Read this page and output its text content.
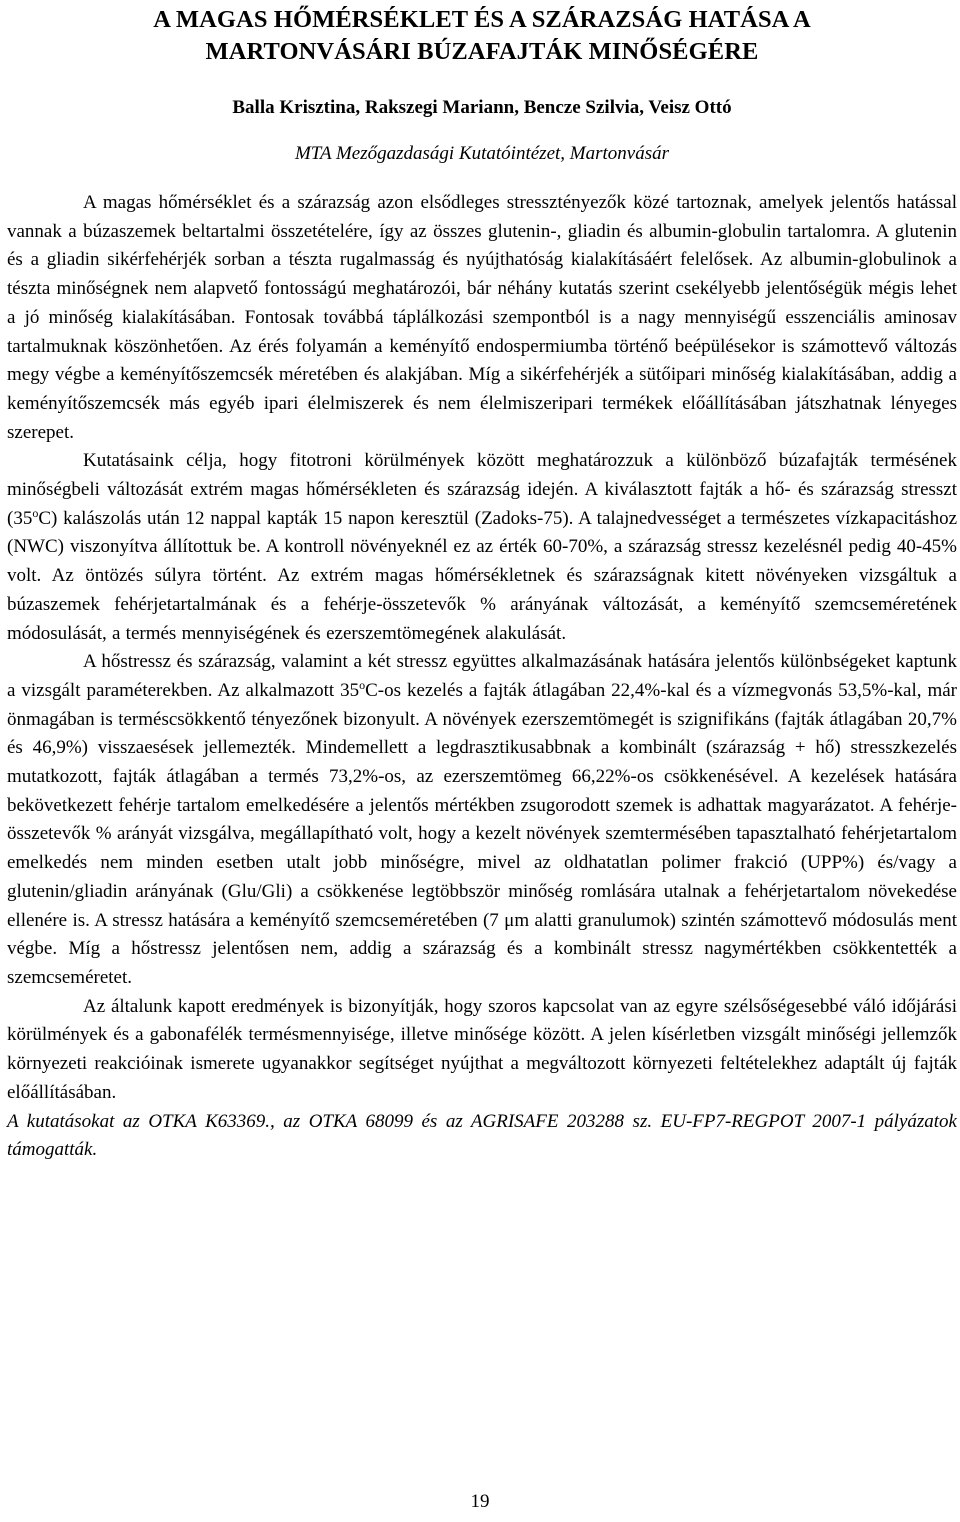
A MAGAS HŐMÉRSÉKLET ÉS A SZÁRAZSÁG HATÁSA A
MARTONVÁSÁRI BÚZAFAJTÁK MINŐSÉGÉRE

Balla Krisztina, Rakszegi Mariann, Bencze Szilvia, Veisz Ottó

MTA Mezőgazdasági Kutatóintézet, Martonvásár

A magas hőmérséklet és a szárazság azon elsődleges stressztényezők közé tartoznak, amelyek jelentős hatással vannak a búzaszemek beltartalmi összetételére, így az összes glutenin-, gliadin és albumin-globulin tartalomra. A glutenin és a gliadin sikérfehérjék sorban a tészta rugalmasság és nyújthatóság kialakításáért felelősek. Az albumin-globulinok a tészta minőségnek nem alapvető fontosságú meghatározói, bár néhány kutatás szerint csekélyebb jelentőségük mégis lehet a jó minőség kialakításában. Fontosak továbbá táplálkozási szempontból is a nagy mennyiségű esszenciális aminosav tartalmuknak köszönhetően. Az érés folyamán a keményítő endospermiumba történő beépülésekor is számottevő változás megy végbe a keményítőszemcsék méretében és alakjában. Míg a sikérfehérjék a sütőipari minőség kialakításában, addig a keményítőszemcsék más egyéb ipari élelmiszerek és nem élelmiszeripari termékek előállításában játszhatnak lényeges szerepet.

Kutatásaink célja, hogy fitotroni körülmények között meghatározzuk a különböző búzafajták termésének minőségbeli változását extrém magas hőmérsékleten és szárazság idején. A kiválasztott fajták a hő- és szárazság stresszt (35$^o$C) kalászolás után 12 nappal kapták 15 napon keresztül (Zadoks-75). A talajnedvességet a természetes vízkapacitáshoz (NWC) viszonyítva állítottuk be. A kontroll növényeknél ez az érték 60-70%, a szárazság stressz kezelésnél pedig 40-45% volt. Az öntözés súlyra történt. Az extrém magas hőmérsékletnek és szárazságnak kitett növényeken vizsgáltuk a búzaszemek fehérjetartalmának és a fehérje-összetevők % arányának változását, a keményítő szemcseméretének módosulását, a termés mennyiségének és ezerszemtömegének alakulását.

A hőstressz és szárazság, valamint a két stressz együttes alkalmazásának hatására jelentős különbségeket kaptunk a vizsgált paraméterekben. Az alkalmazott 35$^o$C-os kezelés a fajták átlagában 22,4%-kal és a vízmegvonás 53,5%-kal, már önmagában is terméscsökkentő tényezőnek bizonyult. A növények ezerszemtömegét is szignifikáns (fajták átlagában 20,7% és 46,9%) visszaesések jellemezték. Mindemellett a legdrasztikusabbnak a kombinált (szárazság + hő) stresszkezelés mutatkozott, fajták átlagában a termés 73,2%-os, az ezerszemtömeg 66,22%-os csökkenésével. A kezelések hatására bekövetkezett fehérje tartalom emelkedésére a jelentős mértékben zsugorodott szemek is adhattak magyarázatot. A fehérje-összetevők % arányát vizsgálva, megállapítható volt, hogy a kezelt növények szemtermésében tapasztalható fehérjetartalom emelkedés nem minden esetben utalt jobb minőségre, mivel az oldhatatlan polimer frakció (UPP%) és/vagy a glutenin/gliadin arányának (Glu/Gli) a csökkenése legtöbbször minőség romlására utalnak a fehérjetartalom növekedése ellenére is. A stressz hatására a keményítő szemcseméretében (7 μm alatti granulumok) szintén számottevő módosulás ment végbe. Míg a hőstressz jelentősen nem, addig a szárazság és a kombinált stressz nagymértékben csökkentették a szemcseméretet.

Az általunk kapott eredmények is bizonyítják, hogy szoros kapcsolat van az egyre szélsőségesebbé váló időjárási körülmények és a gabonafélék termésmennyisége, illetve minősége között. A jelen kísérletben vizsgált minőségi jellemzők környezeti reakcióinak ismerete ugyanakkor segítséget nyújthat a megváltozott környezeti feltételekhez adaptált új fajták előállításában.

A kutatásokat az OTKA K63369., az OTKA 68099 és az AGRISAFE 203288 sz. EU-FP7-REGPOT 2007-1 pályázatok támogatták.

19
